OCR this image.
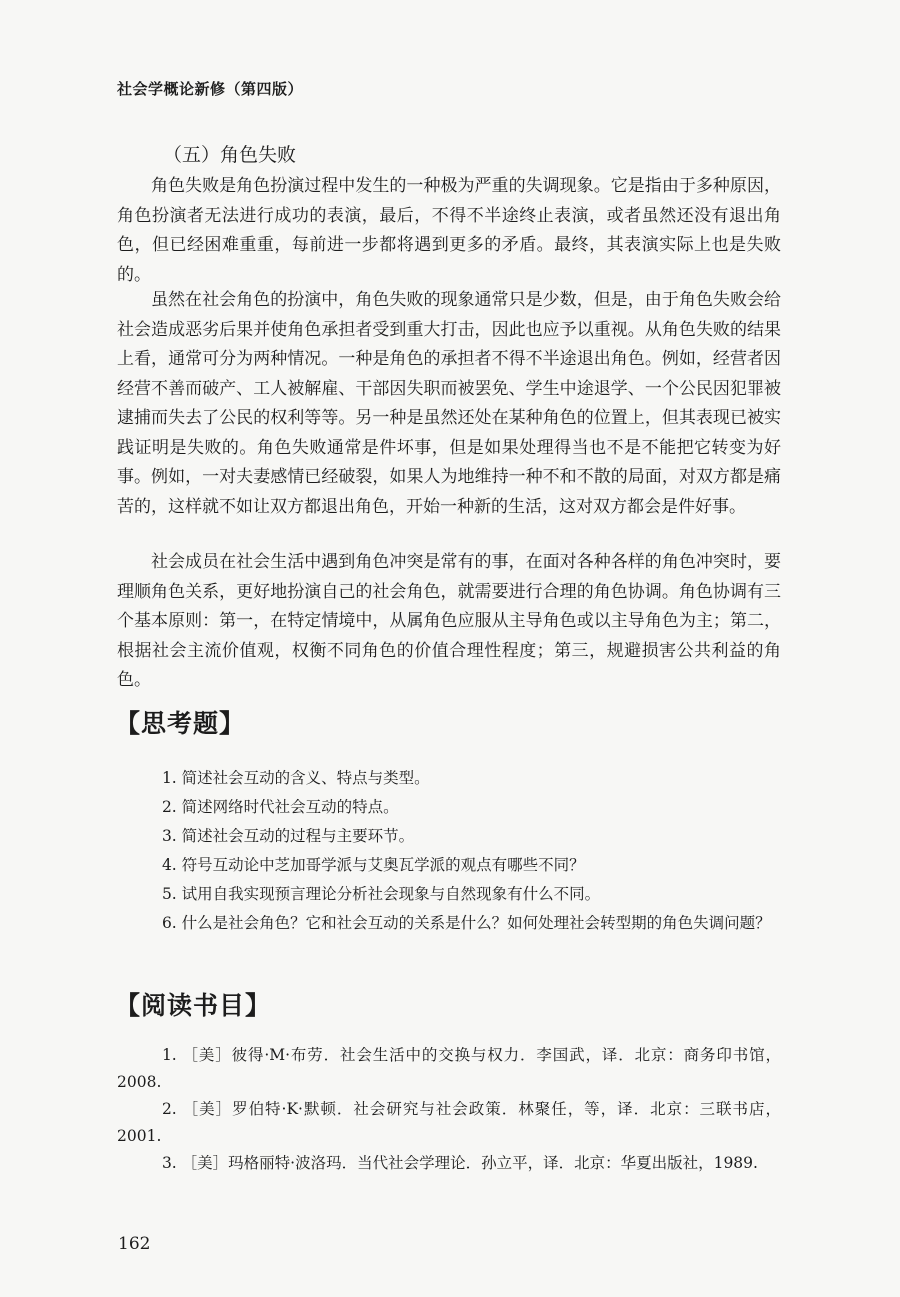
社会学概论新修（第四版）
（五）角色失败

角色失败是角色扮演过程中发生的一种极为严重的失调现象。它是指由于多种原因，角色扮演者无法进行成功的表演，最后，不得不半途终止表演，或者虽然还没有退出角色，但已经困难重重，每前进一步都将遇到更多的矛盾。最终，其表演实际上也是失败的。

虽然在社会角色的扮演中，角色失败的现象通常只是少数，但是，由于角色失败会给社会造成恶劣后果并使角色承担者受到重大打击，因此也应予以重视。从角色失败的结果上看，通常可分为两种情况。一种是角色的承担者不得不半途退出角色。例如，经营者因经营不善而破产、工人被解雇、干部因失职而被罢免、学生中途退学、一个公民因犯罪被逮捕而失去了公民的权利等等。另一种是虽然还处在某种角色的位置上，但其表现已被实践证明是失败的。角色失败通常是件坏事，但是如果处理得当也不是不能把它转变为好事。例如，一对夫妻感情已经破裂，如果人为地维持一种不和不散的局面，对双方都是痛苦的，这样就不如让双方都退出角色，开始一种新的生活，这对双方都会是件好事。

社会成员在社会生活中遇到角色冲突是常有的事，在面对各种各样的角色冲突时，要理顺角色关系，更好地扮演自己的社会角色，就需要进行合理的角色协调。角色协调有三个基本原则：第一，在特定情境中，从属角色应服从主导角色或以主导角色为主；第二，根据社会主流价值观，权衡不同角色的价值合理性程度；第三，规避损害公共利益的角色。

【思考题】
1. 简述社会互动的含义、特点与类型。
2. 简述网络时代社会互动的特点。
3. 简述社会互动的过程与主要环节。
4. 符号互动论中芝加哥学派与艾奥瓦学派的观点有哪些不同？
5. 试用自我实现预言理论分析社会现象与自然现象有什么不同。
6. 什么是社会角色？它和社会互动的关系是什么？如何处理社会转型期的角色失调问题？
【阅读书目】
1. ［美］彼得·M·布劳．社会生活中的交换与权力．李国武，译．北京：商务印书馆，2008.
2. ［美］罗伯特·K·默顿．社会研究与社会政策．林聚任，等，译．北京：三联书店，2001.
3. ［美］玛格丽特·波洛玛．当代社会学理论．孙立平，译．北京：华夏出版社，1989.
162
